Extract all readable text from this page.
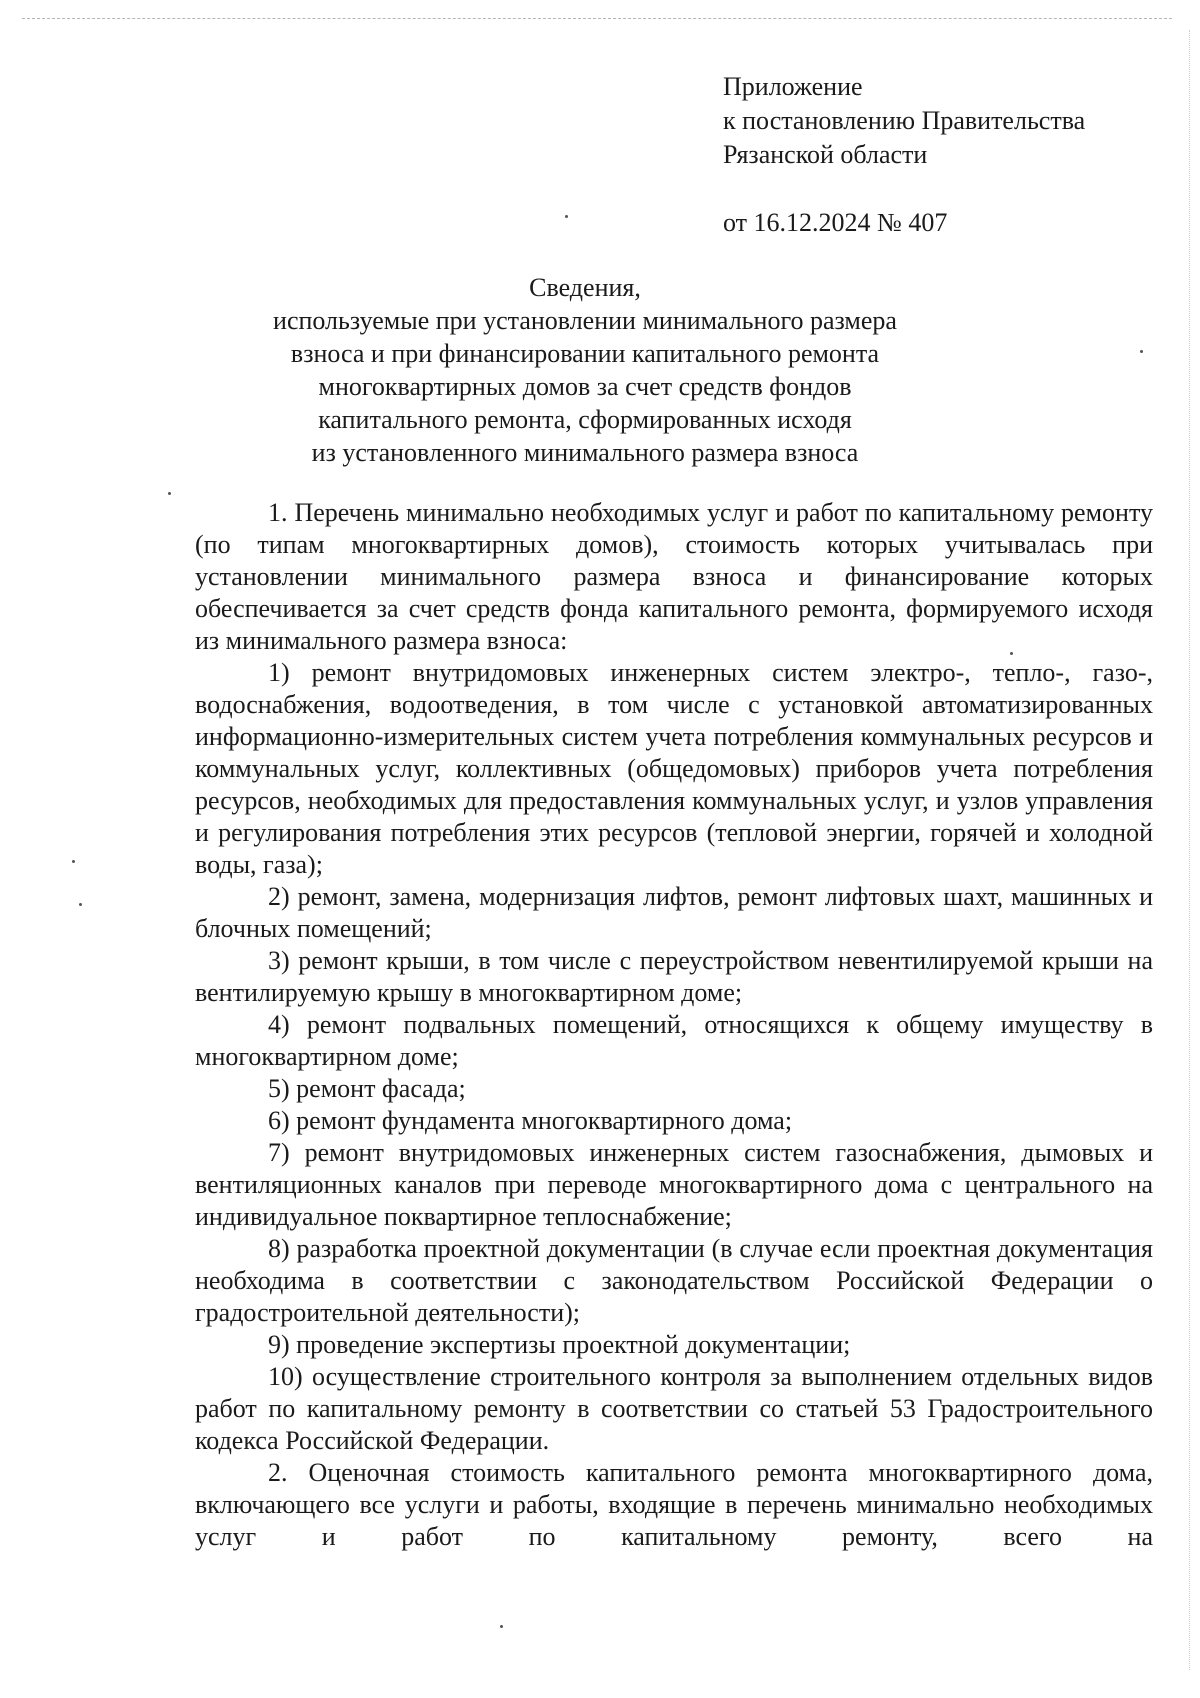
Приложение
к постановлению Правительства
Рязанской области
от 16.12.2024 № 407
Сведения,
используемые при установлении минимального размера
взноса и при финансировании капитального ремонта
многоквартирных домов за счет средств фондов
капитального ремонта, сформированных исходя
из установленного минимального размера взноса

1. Перечень минимально необходимых услуг и работ по капитальному ремонту (по типам многоквартирных домов), стоимость которых учитывалась при установлении минимального размера взноса и финансирование которых обеспечивается за счет средств фонда капитального ремонта, формируемого исходя из минимального размера взноса:

1) ремонт внутридомовых инженерных систем электро-, тепло-, газо-, водоснабжения, водоотведения, в том числе с установкой автоматизированных информационно-измерительных систем учета потребления коммунальных ресурсов и коммунальных услуг, коллективных (общедомовых) приборов учета потребления ресурсов, необходимых для предоставления коммунальных услуг, и узлов управления и регулирования потребления этих ресурсов (тепловой энергии, горячей и холодной воды, газа);

2) ремонт, замена, модернизация лифтов, ремонт лифтовых шахт, машинных и блочных помещений;

3) ремонт крыши, в том числе с переустройством невентилируемой крыши на вентилируемую крышу в многоквартирном доме;

4) ремонт подвальных помещений, относящихся к общему имуществу в многоквартирном доме;

5) ремонт фасада;

6) ремонт фундамента многоквартирного дома;

7) ремонт внутридомовых инженерных систем газоснабжения, дымовых и вентиляционных каналов при переводе многоквартирного дома с центрального на индивидуальное поквартирное теплоснабжение;

8) разработка проектной документации (в случае если проектная документация необходима в соответствии с законодательством Российской Федерации о градостроительной деятельности);

9) проведение экспертизы проектной документации;

10) осуществление строительного контроля за выполнением отдельных видов работ по капитальному ремонту в соответствии со статьей 53 Градостроительного кодекса Российской Федерации.

2. Оценочная стоимость капитального ремонта многоквартирного дома, включающего все услуги и работы, входящие в перечень минимально необходимых услуг и работ по капитальному ремонту, всего на
